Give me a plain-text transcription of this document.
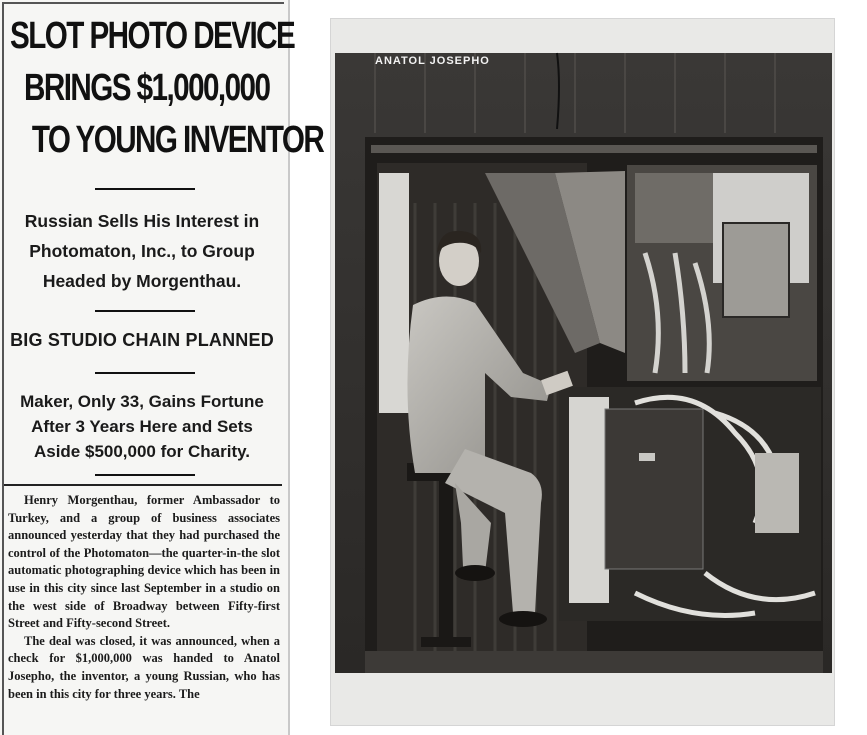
SLOT PHOTO DEVICE
BRINGS $1,000,000
TO YOUNG INVENTOR
Russian Sells His Interest in
Photomaton, Inc., to Group
Headed by Morgenthau.
BIG STUDIO CHAIN PLANNED
Maker, Only 33, Gains Fortune
After 3 Years Here and Sets
Aside $500,000 for Charity.

Henry Morgenthau, former Ambassador to Turkey, and a group of business associates announced yesterday that they had purchased the control of the Photomaton—the quarter-in-the slot automatic photographing device which has been in use in this city since last September in a studio on the west side of Broadway between Fifty-first Street and Fifty-second Street.

The deal was closed, it was announced, when a check for $1,000,000 was handed to Anatol Josepho, the inventor, a young Russian, who has been in this city for three years. The

ANATOL JOSEPHO
